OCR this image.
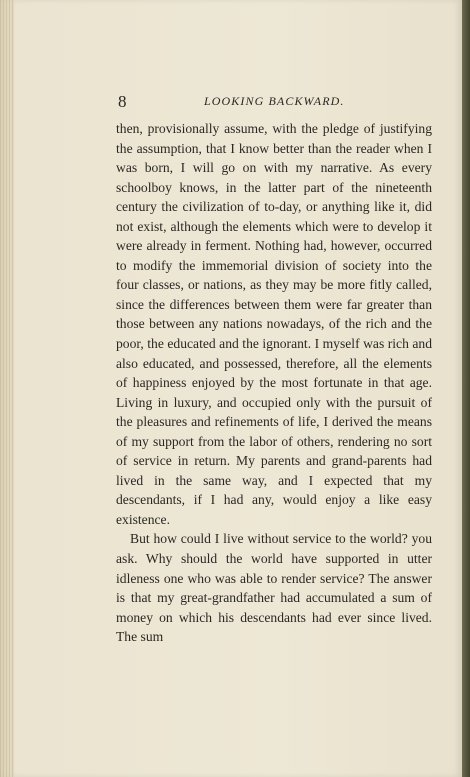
8	LOOKING BACKWARD.

then, provisionally assume, with the pledge of justifying the assumption, that I know better than the reader when I was born, I will go on with my narrative. As every schoolboy knows, in the latter part of the nineteenth century the civilization of to-day, or anything like it, did not exist, although the elements which were to develop it were already in ferment. Nothing had, however, occurred to modify the immemorial division of society into the four classes, or nations, as they may be more fitly called, since the differences between them were far greater than those between any nations nowadays, of the rich and the poor, the educated and the ignorant. I myself was rich and also educated, and possessed, therefore, all the elements of happiness enjoyed by the most fortunate in that age. Living in luxury, and occupied only with the pursuit of the pleasures and refinements of life, I derived the means of my support from the labor of others, rendering no sort of service in return. My parents and grand-parents had lived in the same way, and I expected that my descendants, if I had any, would enjoy a like easy existence.

But how could I live without service to the world? you ask. Why should the world have supported in utter idleness one who was able to render service? The answer is that my great-grandfather had accumulated a sum of money on which his descendants had ever since lived. The sum
